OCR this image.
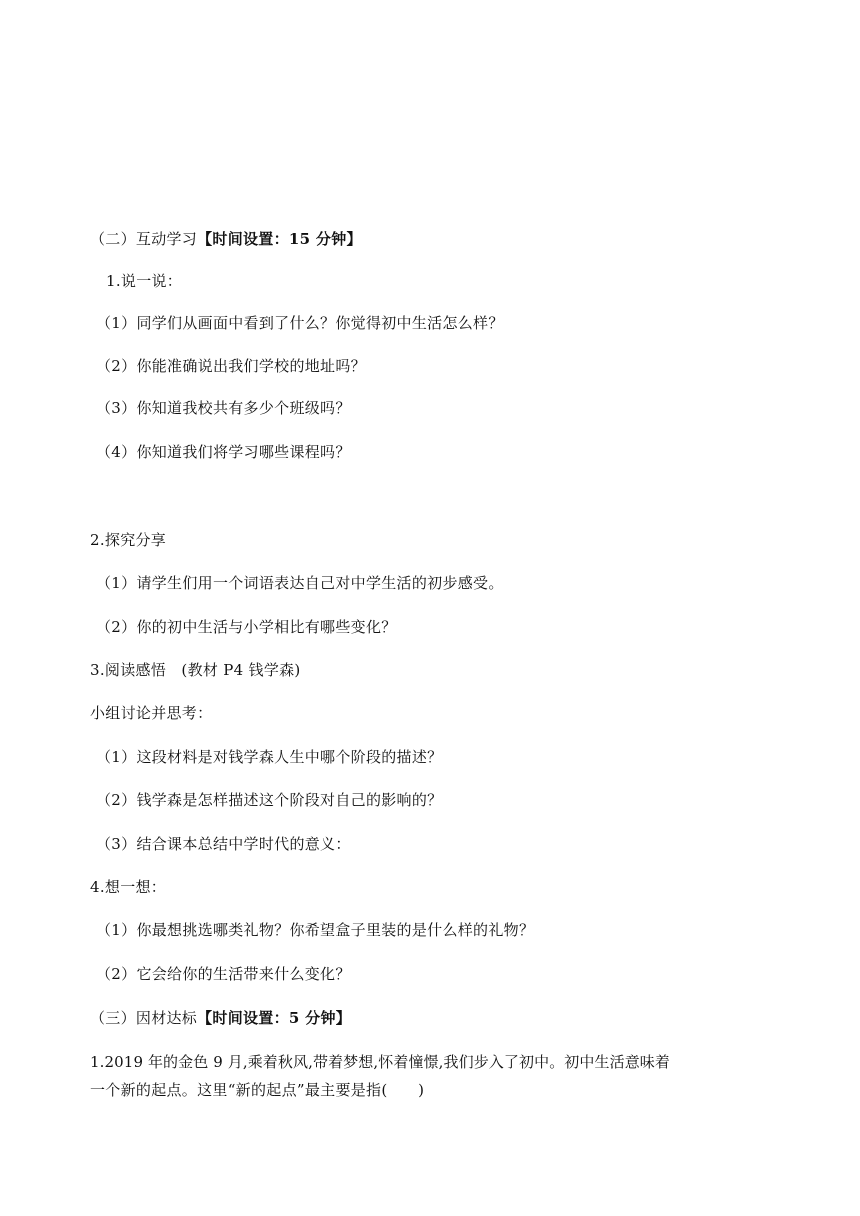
（二）互动学习【时间设置：15 分钟】
1.说一说：
（1）同学们从画面中看到了什么？你觉得初中生活怎么样？
（2）你能准确说出我们学校的地址吗？
（3）你知道我校共有多少个班级吗？
（4）你知道我们将学习哪些课程吗？
2.探究分享
（1）请学生们用一个词语表达自己对中学生活的初步感受。
（2）你的初中生活与小学相比有哪些变化？
3.阅读感悟　(教材 P4 钱学森)
小组讨论并思考：
（1）这段材料是对钱学森人生中哪个阶段的描述？
（2）钱学森是怎样描述这个阶段对自己的影响的？
（3）结合课本总结中学时代的意义：
4.想一想：
（1）你最想挑选哪类礼物？你希望盒子里装的是什么样的礼物？
（2）它会给你的生活带来什么变化？
（三）因材达标【时间设置：5 分钟】
1.2019 年的金色 9 月,乘着秋风,带着梦想,怀着憧憬,我们步入了初中。初中生活意味着
一个新的起点。这里“新的起点”最主要是指(　　)
